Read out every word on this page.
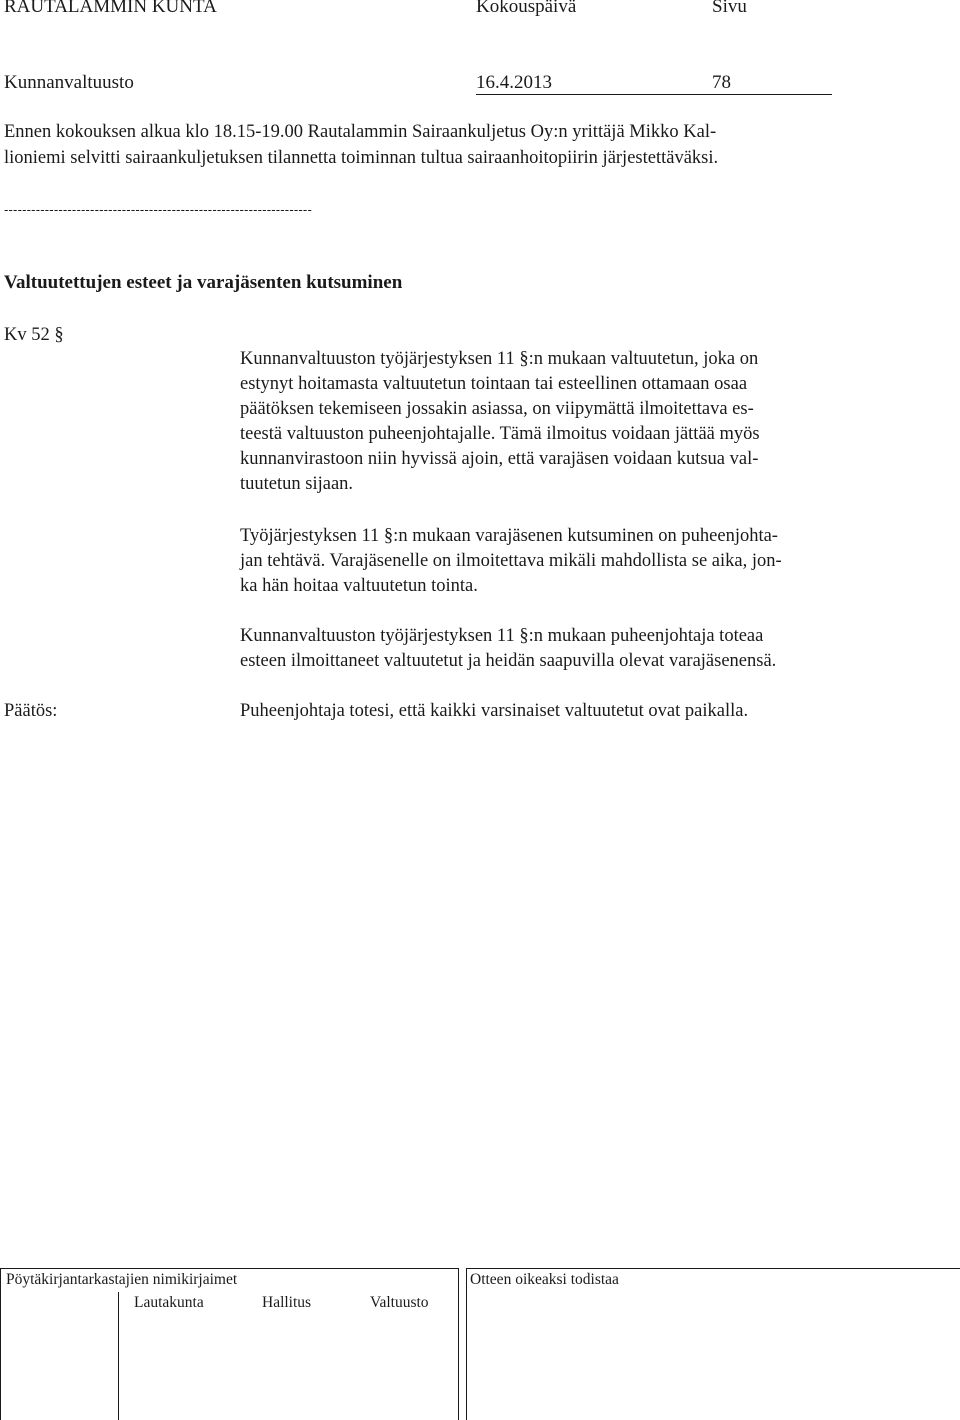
RAUTALAMMIN KUNTA	Kokouspäivä	Sivu
Kunnanvaltuusto	16.4.2013	78
Ennen kokouksen alkua klo 18.15-19.00 Rautalammin Sairaankuljetus Oy:n yrittäjä Mikko Kal-
lioniemi selvitti sairaankuljetuksen tilannetta toiminnan tultua sairaanhoitopiirin järjestettäväksi.
--------------------------------------------------------------------
Valtuutettujen esteet ja varajäsenten kutsuminen
Kv 52 §
Kunnanvaltuuston työjärjestyksen 11 §:n mukaan valtuutetun, joka on
estynyt hoitamasta valtuutetun tointaan tai esteellinen ottamaan osaa
päätöksen tekemiseen jossakin asiassa, on viipymättä ilmoitettava es-
teestä valtuuston puheenjohtajalle. Tämä ilmoitus voidaan jättää myös
kunnanvirastoon niin hyvissä ajoin, että varajäsen voidaan kutsua val-
tuutetun sijaan.
Työjärjestyksen 11 §:n mukaan varajäsenen kutsuminen on puheenjohta-
jan tehtävä. Varajäsenelle on ilmoitettava mikäli mahdollista se aika, jon-
ka hän hoitaa valtuutetun tointa.
Kunnanvaltuuston työjärjestyksen 11 §:n mukaan puheenjohtaja toteaa
esteen ilmoittaneet valtuutetut ja heidän saapuvilla olevat varajäsenensä.
Päätös:	Puheenjohtaja totesi, että kaikki varsinaiset valtuutetut ovat paikalla.
Pöytäkirjantarkastajien nimikirjaimet	Otteen oikeaksi todistaa
Lautakunta	Hallitus	Valtuusto
